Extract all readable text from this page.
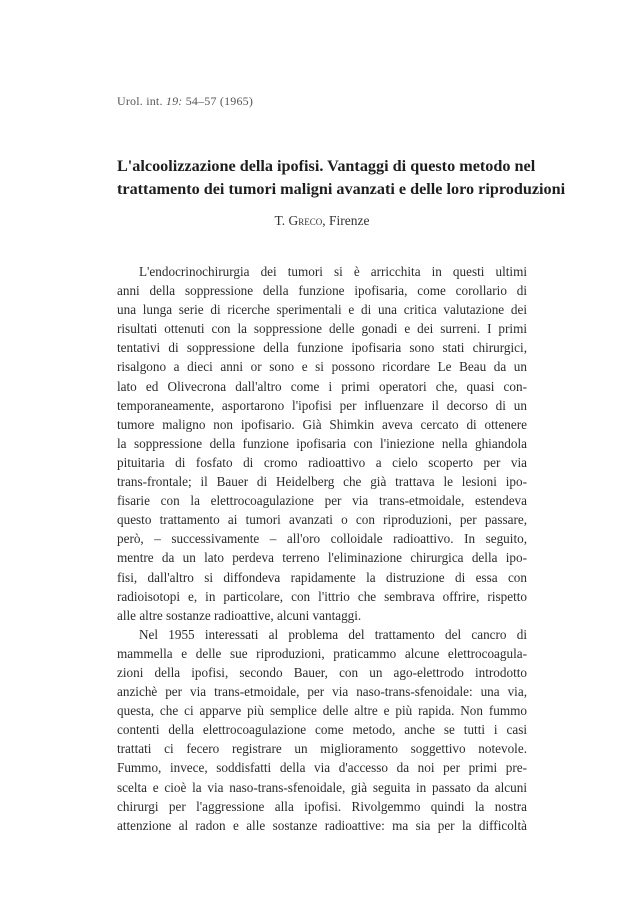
Urol. int. 19: 54–57 (1965)
L'alcoolizzazione della ipofisi. Vantaggi di questo metodo nel
trattamento dei tumori maligni avanzati e delle loro riproduzioni
T. Greco, Firenze
L'endocrinochirurgia dei tumori si è arricchita in questi ultimi
anni della soppressione della funzione ipofisaria, come corollario di
una lunga serie di ricerche sperimentali e di una critica valutazione dei
risultati ottenuti con la soppressione delle gonadi e dei surreni. I primi
tentativi di soppressione della funzione ipofisaria sono stati chirurgici,
risalgono a dieci anni or sono e si possono ricordare Le Beau da un
lato ed Olivecrona dall'altro come i primi operatori che, quasi con-
temporaneamente, asportarono l'ipofisi per influenzare il decorso di un
tumore maligno non ipofisario. Già Shimkin aveva cercato di ottenere
la soppressione della funzione ipofisaria con l'iniezione nella ghiandola
pituitaria di fosfato di cromo radioattivo a cielo scoperto per via
trans-frontale; il Bauer di Heidelberg che già trattava le lesioni ipo-
fisarie con la elettrocoagulazione per via trans-etmoidale, estendeva
questo trattamento ai tumori avanzati o con riproduzioni, per passare,
però, – successivamente – all'oro colloidale radioattivo. In seguito,
mentre da un lato perdeva terreno l'eliminazione chirurgica della ipo-
fisi, dall'altro si diffondeva rapidamente la distruzione di essa con
radioisotopi e, in particolare, con l'ittrio che sembrava offrire, rispetto
alle altre sostanze radioattive, alcuni vantaggi.
Nel 1955 interessati al problema del trattamento del cancro di
mammella e delle sue riproduzioni, praticammo alcune elettrocoagula-
zioni della ipofisi, secondo Bauer, con un ago-elettrodo introdotto
anzichè per via trans-etmoidale, per via naso-trans-sfenoidale: una via,
questa, che ci apparve più semplice delle altre e più rapida. Non fummo
contenti della elettrocoagulazione come metodo, anche se tutti i casi
trattati ci fecero registrare un miglioramento soggettivo notevole.
Fummo, invece, soddisfatti della via d'accesso da noi per primi pre-
scelta e cioè la via naso-trans-sfenoidale, già seguita in passato da alcuni
chirurgi per l'aggressione alla ipofisi. Rivolgemmo quindi la nostra
attenzione al radon e alle sostanze radioattive: ma sia per la difficoltà
